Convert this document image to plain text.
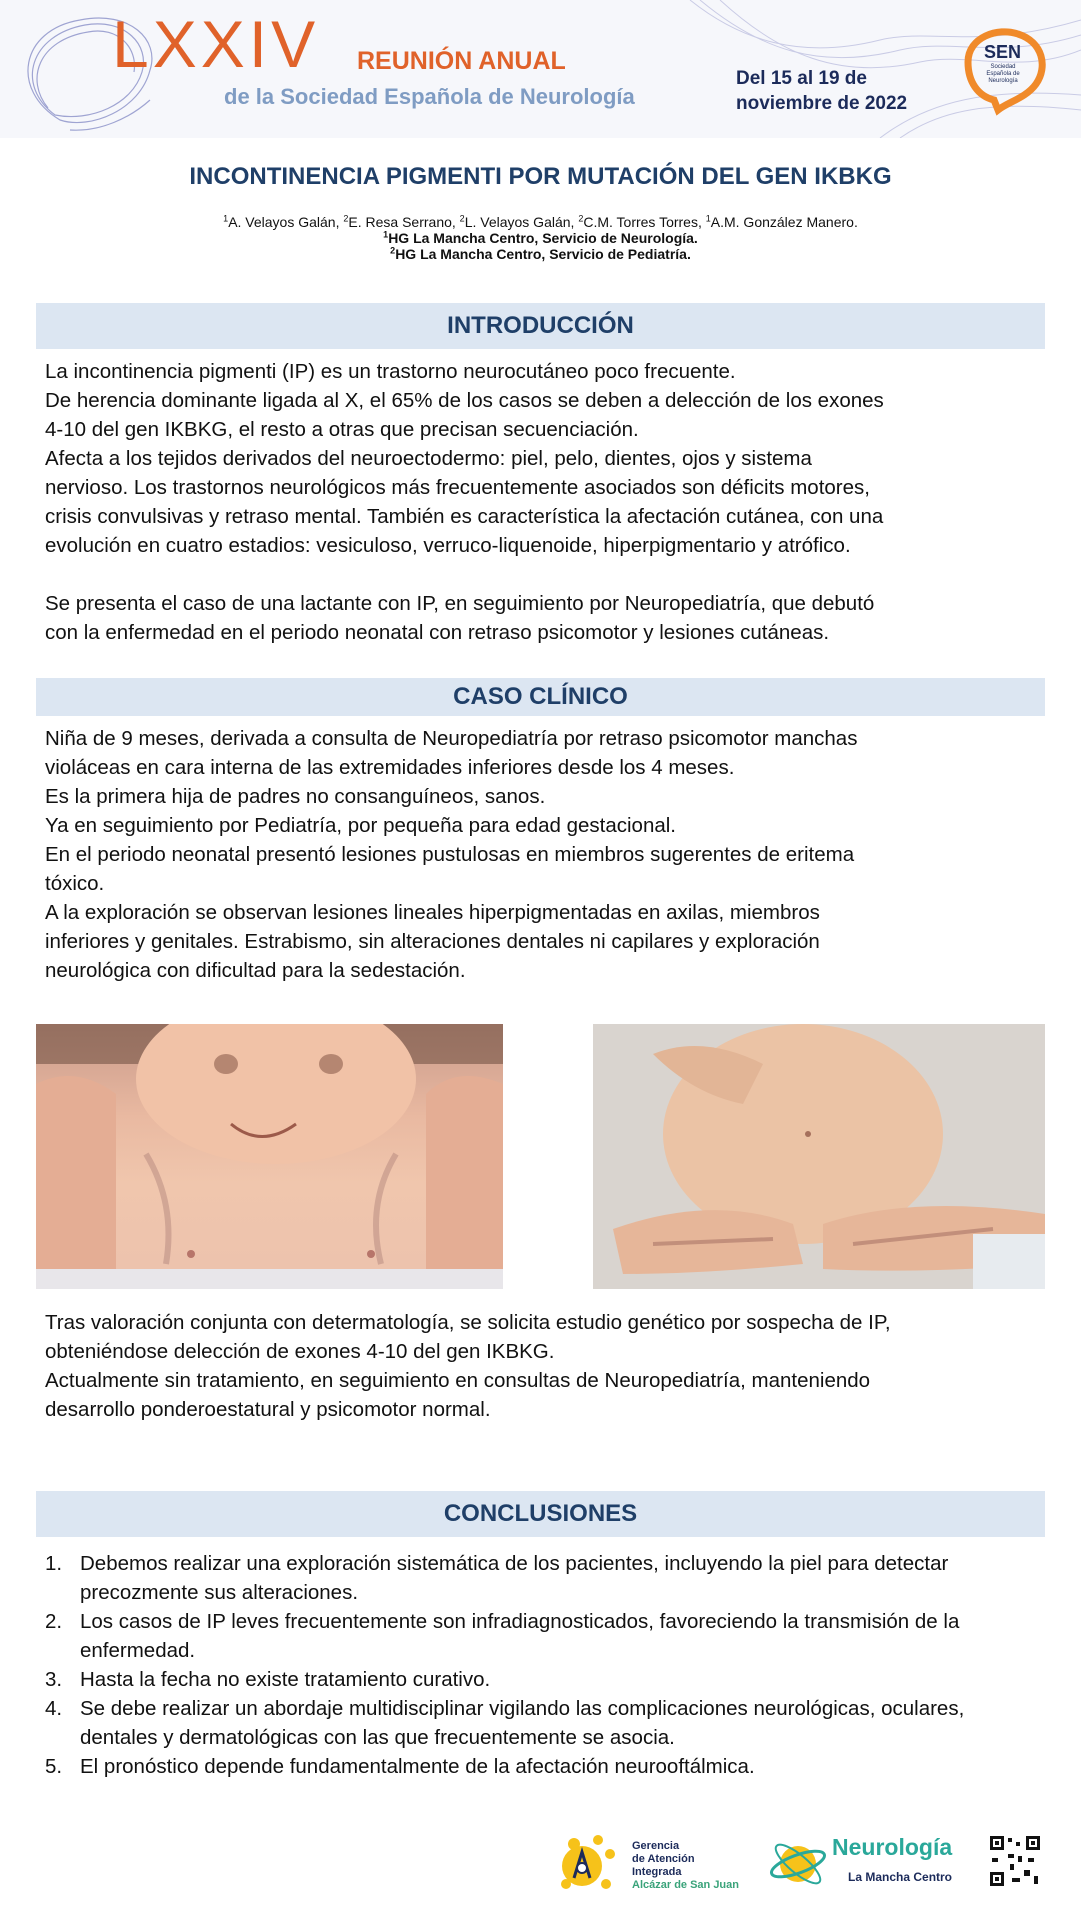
LXXIV REUNIÓN ANUAL
de la Sociedad Española de Neurología
Del 15 al 19 de
noviembre de 2022
SEN
Sociedad Española de Neurología
INCONTINENCIA PIGMENTI POR MUTACIÓN DEL GEN IKBKG
$^1$A. Velayos Galán, $^2$E. Resa Serrano, $^2$L. Velayos Galán, $^2$C.M. Torres Torres, $^1$A.M. González Manero.
$^1$HG La Mancha Centro, Servicio de Neurología.
$^2$HG La Mancha Centro, Servicio de Pediatría.
INTRODUCCIÓN

La incontinencia pigmenti (IP) es un trastorno neurocutáneo poco frecuente.

De herencia dominante ligada al X, el 65% de los casos se deben a delección de los exones

4-10 del gen IKBKG, el resto a otras que precisan secuenciación.

Afecta a los tejidos derivados del neuroectodermo: piel, pelo, dientes, ojos y sistema

nervioso. Los trastornos neurológicos más frecuentemente asociados son déficits motores,

crisis convulsivas y retraso mental. También es característica la afectación cutánea, con una

evolución en cuatro estadios: vesiculoso, verruco-liquenoide, hiperpigmentario y atrófico.

Se presenta el caso de una lactante con IP, en seguimiento por Neuropediatría, que debutó

con la enfermedad en el periodo neonatal con retraso psicomotor y lesiones cutáneas.

CASO CLÍNICO

Niña de 9 meses, derivada a consulta de Neuropediatría por retraso psicomotor manchas

violáceas en cara interna de las extremidades inferiores desde los 4 meses.

Es la primera hija de padres no consanguíneos, sanos.

Ya en seguimiento por Pediatría, por pequeña para edad gestacional.

En el periodo neonatal presentó lesiones pustulosas en miembros sugerentes de eritema

tóxico.

A la exploración se observan lesiones lineales hiperpigmentadas en axilas, miembros

inferiores y genitales. Estrabismo, sin alteraciones dentales ni capilares y exploración

neurológica con dificultad para la sedestación.

Tras valoración conjunta con determatología, se solicita estudio genético por sospecha de IP,

obteniéndose delección de exones 4-10 del gen IKBKG.

Actualmente sin tratamiento, en seguimiento en consultas de Neuropediatría, manteniendo

desarrollo ponderoestatural y psicomotor normal.

CONCLUSIONES
1. Debemos realizar una exploración sistemática de los pacientes, incluyendo la piel para detectar precozmente sus alteraciones.
2. Los casos de IP leves frecuentemente son infradiagnosticados, favoreciendo la transmisión de la enfermedad.
3. Hasta la fecha no existe tratamiento curativo.
4. Se debe realizar un abordaje multidisciplinar vigilando las complicaciones neurológicas, oculares, dentales y dermatológicas con las que frecuentemente se asocia.
5. El pronóstico depende fundamentalmente de la afectación neurooftálmica.
Gerencia
de Atención
Integrada
Alcázar de San Juan
Neurología
La Mancha Centro
